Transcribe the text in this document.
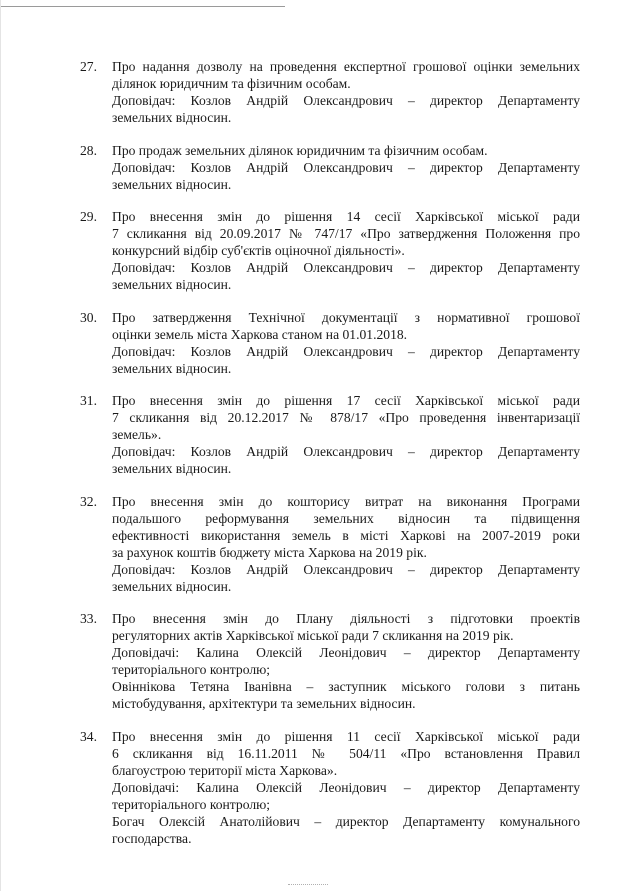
27.	Про надання дозволу на проведення експертної грошової оцінки земельних
ділянок юридичним та фізичним особам.
Доповідач: Козлов Андрій Олександрович – директор Департаменту
земельних відносин.
28.	Про продаж земельних ділянок юридичним та фізичним особам.
Доповідач: Козлов Андрій Олександрович – директор Департаменту
земельних відносин.
29.	Про внесення змін до рішення 14 сесії Харківської міської ради
7 скликання від 20.09.2017 № 747/17 «Про затвердження Положення про
конкурсний відбір суб'єктів оціночної діяльності».
Доповідач: Козлов Андрій Олександрович – директор Департаменту
земельних відносин.
30.	Про затвердження Технічної документації з нормативної грошової
оцінки земель міста Харкова станом на 01.01.2018.
Доповідач: Козлов Андрій Олександрович – директор Департаменту
земельних відносин.
31.	Про внесення змін до рішення 17 сесії Харківської міської ради
7 скликання від 20.12.2017 № 878/17 «Про проведення інвентаризації
земель».
Доповідач: Козлов Андрій Олександрович – директор Департаменту
земельних відносин.
32.	Про внесення змін до кошторису витрат на виконання Програми
подальшого реформування земельних відносин та підвищення
ефективності використання земель в місті Харкові на 2007-2019 роки
за рахунок коштів бюджету міста Харкова на 2019 рік.
Доповідач: Козлов Андрій Олександрович – директор Департаменту
земельних відносин.
33.	Про внесення змін до Плану діяльності з підготовки проектів
регуляторних актів Харківської міської ради 7 скликання на 2019 рік.
Доповідачі: Калина Олексій Леонідович – директор Департаменту
територіального контролю;
Овіннікова Тетяна Іванівна – заступник міського голови з питань
містобудування, архітектури та земельних відносин.
34.	Про внесення змін до рішення 11 сесії Харківської міської ради
6 скликання від 16.11.2011 № 504/11 «Про встановлення Правил
благоустрою території міста Харкова».
Доповідачі: Калина Олексій Леонідович – директор Департаменту
територіального контролю;
Богач Олексій Анатолійович – директор Департаменту комунального
господарства.
